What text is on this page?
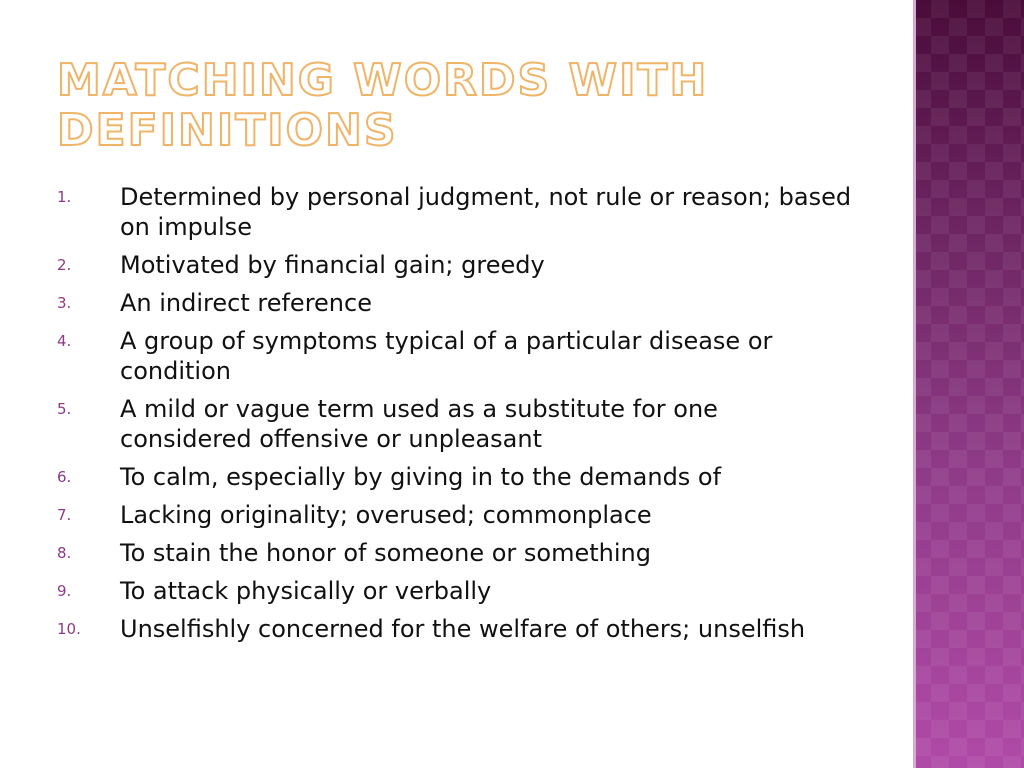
MATCHING WORDS WITH DEFINITIONS
1.	Determined by personal judgment, not rule or reason; based on impulse
2.	Motivated by financial gain; greedy
3.	An indirect reference
4.	A group of symptoms typical of a particular disease or condition
5.	A mild or vague term used as a substitute for one considered offensive or unpleasant
6.	To calm, especially by giving in to the demands of
7.	Lacking originality; overused; commonplace
8.	To stain the honor of someone or something
9.	To attack physically or verbally
10.	Unselfishly concerned for the welfare of others; unselfish
